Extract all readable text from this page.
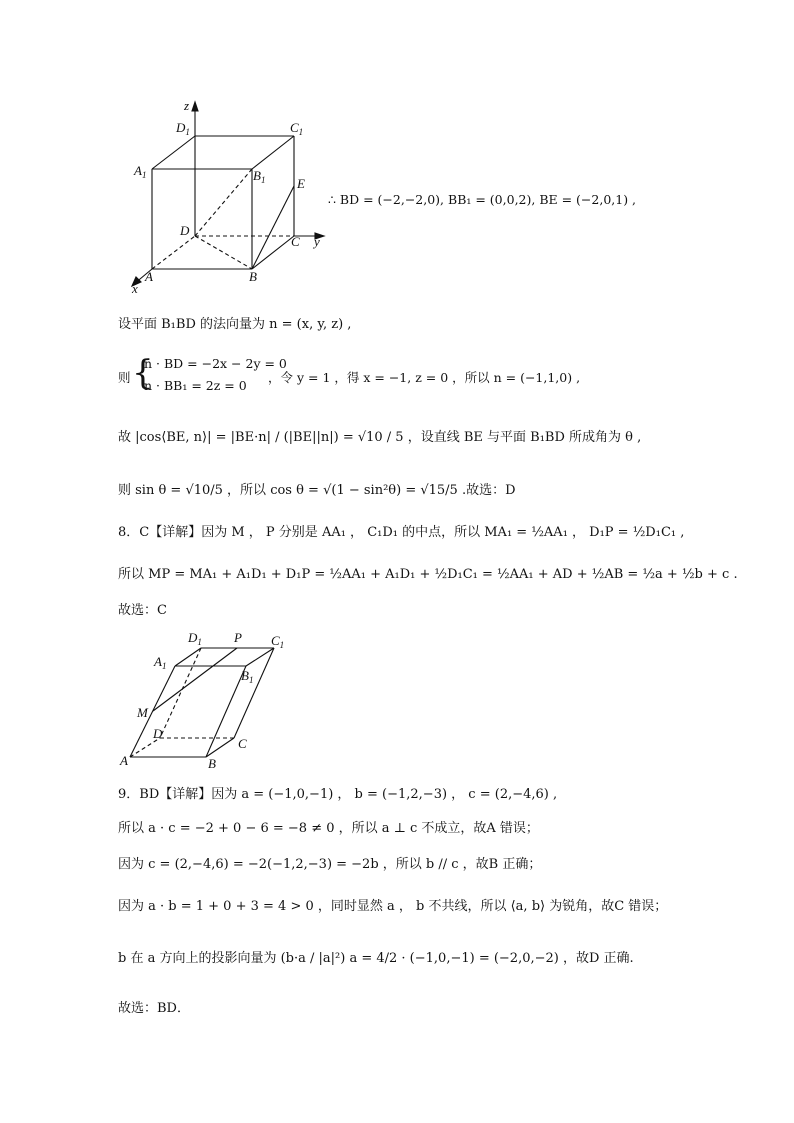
z
$D_1$	$C_1$
$A_1$	$B_1$ E
D
C y
A	B
x
∴ BD = (−2,−2,0), BB₁ = (0,0,2), BE = (−2,0,1) ,
设平面 B₁BD 的法向量为 n = (x, y, z) ,
则 {
n · BD = −2x − 2y = 0
n · BB₁ = 2z = 0
，令 y = 1 ，得 x = −1, z = 0 ，所以 n = (−1,1,0) ,
故 |cos⟨BE, n⟩| = |BE·n| / (|BE||n|) = √10 / 5 ，设直线 BE 与平面 B₁BD 所成角为 θ ,
则 sin θ = √10/5 ，所以 cos θ = √(1 − sin²θ) = √15/5 .故选：D
8．C【详解】因为 M ， P 分别是 AA₁ ， C₁D₁ 的中点，所以 MA₁ = ½AA₁ ， D₁P = ½D₁C₁ ,
所以 MP = MA₁ + A₁D₁ + D₁P = ½AA₁ + A₁D₁ + ½D₁C₁ = ½AA₁ + AD + ½AB = ½a + ½b + c .
故选：C
$D_1$ P $C_1$
$A_1$
$B_1$
M
D
C
A	B
9．BD【详解】因为 a = (−1,0,−1) ， b = (−1,2,−3) ， c = (2,−4,6) ,
所以 a · c = −2 + 0 − 6 = −8 ≠ 0 ，所以 a ⊥ c 不成立，故A 错误；
因为 c = (2,−4,6) = −2(−1,2,−3) = −2b ，所以 b // c ，故B 正确；
因为 a · b = 1 + 0 + 3 = 4 > 0 ，同时显然 a ， b 不共线，所以 ⟨a, b⟩ 为锐角，故C 错误；
b 在 a 方向上的投影向量为 (b·a / |a|²) a = 4/2 · (−1,0,−1) = (−2,0,−2) ，故D 正确.
故选：BD．
